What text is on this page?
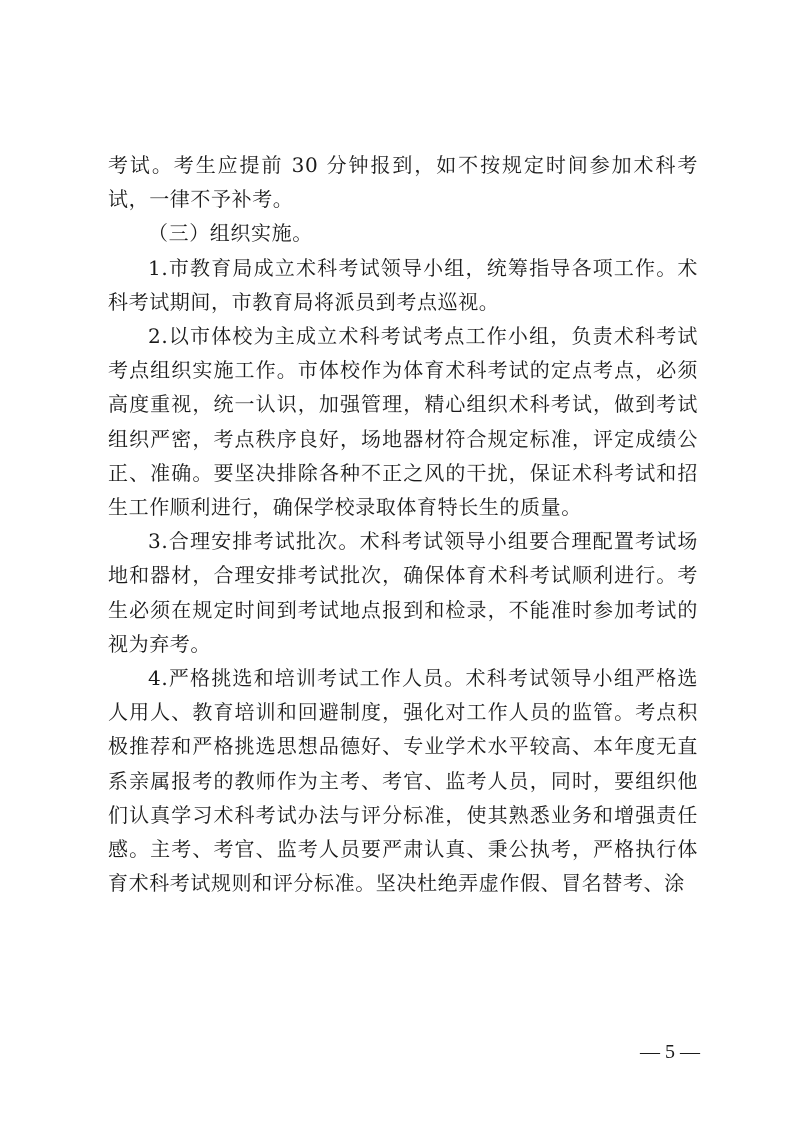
考试。考生应提前 30 分钟报到，如不按规定时间参加术科考试，一律不予补考。

（三）组织实施。

1.市教育局成立术科考试领导小组，统筹指导各项工作。术科考试期间，市教育局将派员到考点巡视。

2.以市体校为主成立术科考试考点工作小组，负责术科考试考点组织实施工作。市体校作为体育术科考试的定点考点，必须高度重视，统一认识，加强管理，精心组织术科考试，做到考试组织严密，考点秩序良好，场地器材符合规定标准，评定成绩公正、准确。要坚决排除各种不正之风的干扰，保证术科考试和招生工作顺利进行，确保学校录取体育特长生的质量。

3.合理安排考试批次。术科考试领导小组要合理配置考试场地和器材，合理安排考试批次，确保体育术科考试顺利进行。考生必须在规定时间到考试地点报到和检录，不能准时参加考试的视为弃考。

4.严格挑选和培训考试工作人员。术科考试领导小组严格选人用人、教育培训和回避制度，强化对工作人员的监管。考点积极推荐和严格挑选思想品德好、专业学术水平较高、本年度无直系亲属报考的教师作为主考、考官、监考人员，同时，要组织他们认真学习术科考试办法与评分标准，使其熟悉业务和增强责任感。主考、考官、监考人员要严肃认真、秉公执考，严格执行体育术科考试规则和评分标准。坚决杜绝弄虚作假、冒名替考、涂

— 5 —
